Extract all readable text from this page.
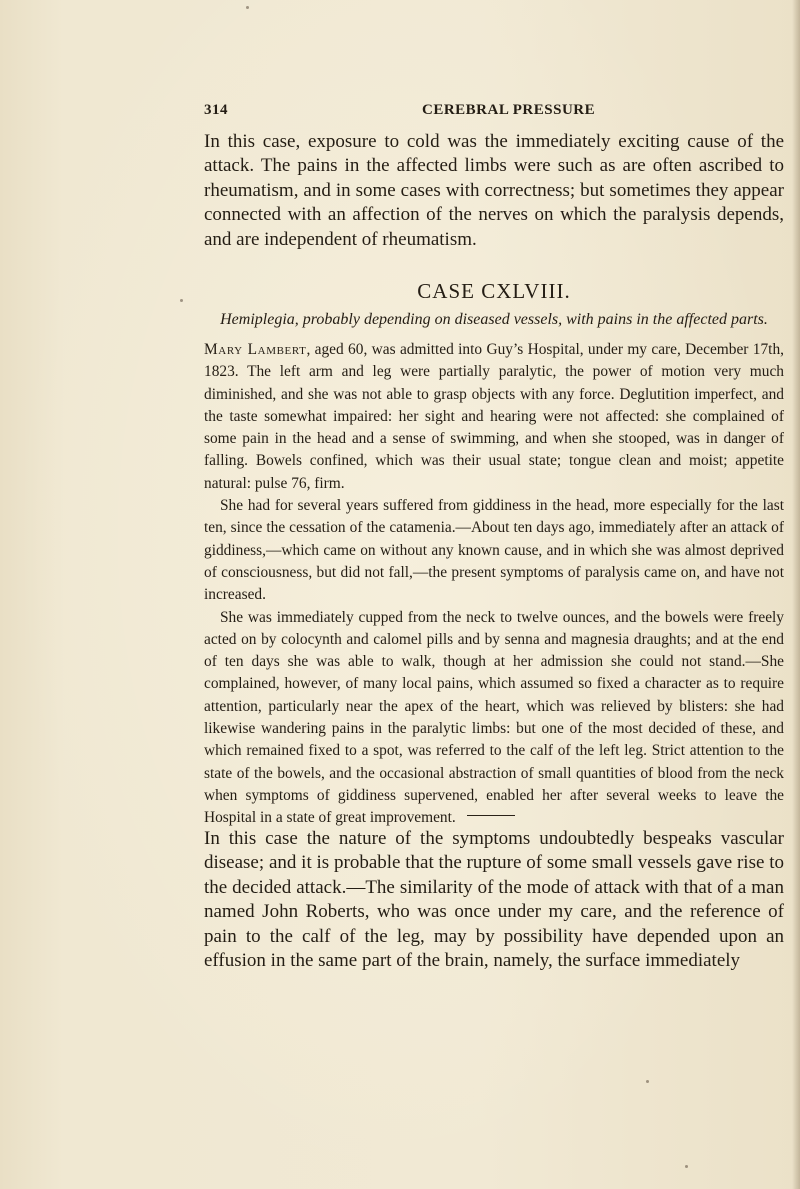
314	CEREBRAL PRESSURE
In this case, exposure to cold was the immediately exciting cause of the attack. The pains in the affected limbs were such as are often ascribed to rheumatism, and in some cases with correctness; but sometimes they appear connected with an affection of the nerves on which the paralysis depends, and are independent of rheumatism.
CASE CXLVIII.
Hemiplegia, probably depending on diseased vessels, with pains in the affected parts.

Mary Lambert, aged 60, was admitted into Guy’s Hospital, under my care, December 17th, 1823. The left arm and leg were partially paralytic, the power of motion very much diminished, and she was not able to grasp objects with any force. Deglutition imperfect, and the taste somewhat impaired: her sight and hearing were not affected: she complained of some pain in the head and a sense of swimming, and when she stooped, was in danger of falling. Bowels confined, which was their usual state; tongue clean and moist; appetite natural: pulse 76, firm.

She had for several years suffered from giddiness in the head, more especially for the last ten, since the cessation of the catamenia.—About ten days ago, immediately after an attack of giddiness,—which came on without any known cause, and in which she was almost deprived of consciousness, but did not fall,—the present symptoms of paralysis came on, and have not increased.

She was immediately cupped from the neck to twelve ounces, and the bowels were freely acted on by colocynth and calomel pills and by senna and magnesia draughts; and at the end of ten days she was able to walk, though at her admission she could not stand.—She complained, however, of many local pains, which assumed so fixed a character as to require attention, particularly near the apex of the heart, which was relieved by blisters: she had likewise wandering pains in the paralytic limbs: but one of the most decided of these, and which remained fixed to a spot, was referred to the calf of the left leg. Strict attention to the state of the bowels, and the occasional abstraction of small quantities of blood from the neck when symptoms of giddiness supervened, enabled her after several weeks to leave the Hospital in a state of great improvement.

In this case the nature of the symptoms undoubtedly bespeaks vascular disease; and it is probable that the rupture of some small vessels gave rise to the decided attack.—The similarity of the mode of attack with that of a man named John Roberts, who was once under my care, and the reference of pain to the calf of the leg, may by possibility have depended upon an effusion in the same part of the brain, namely, the surface immediately
